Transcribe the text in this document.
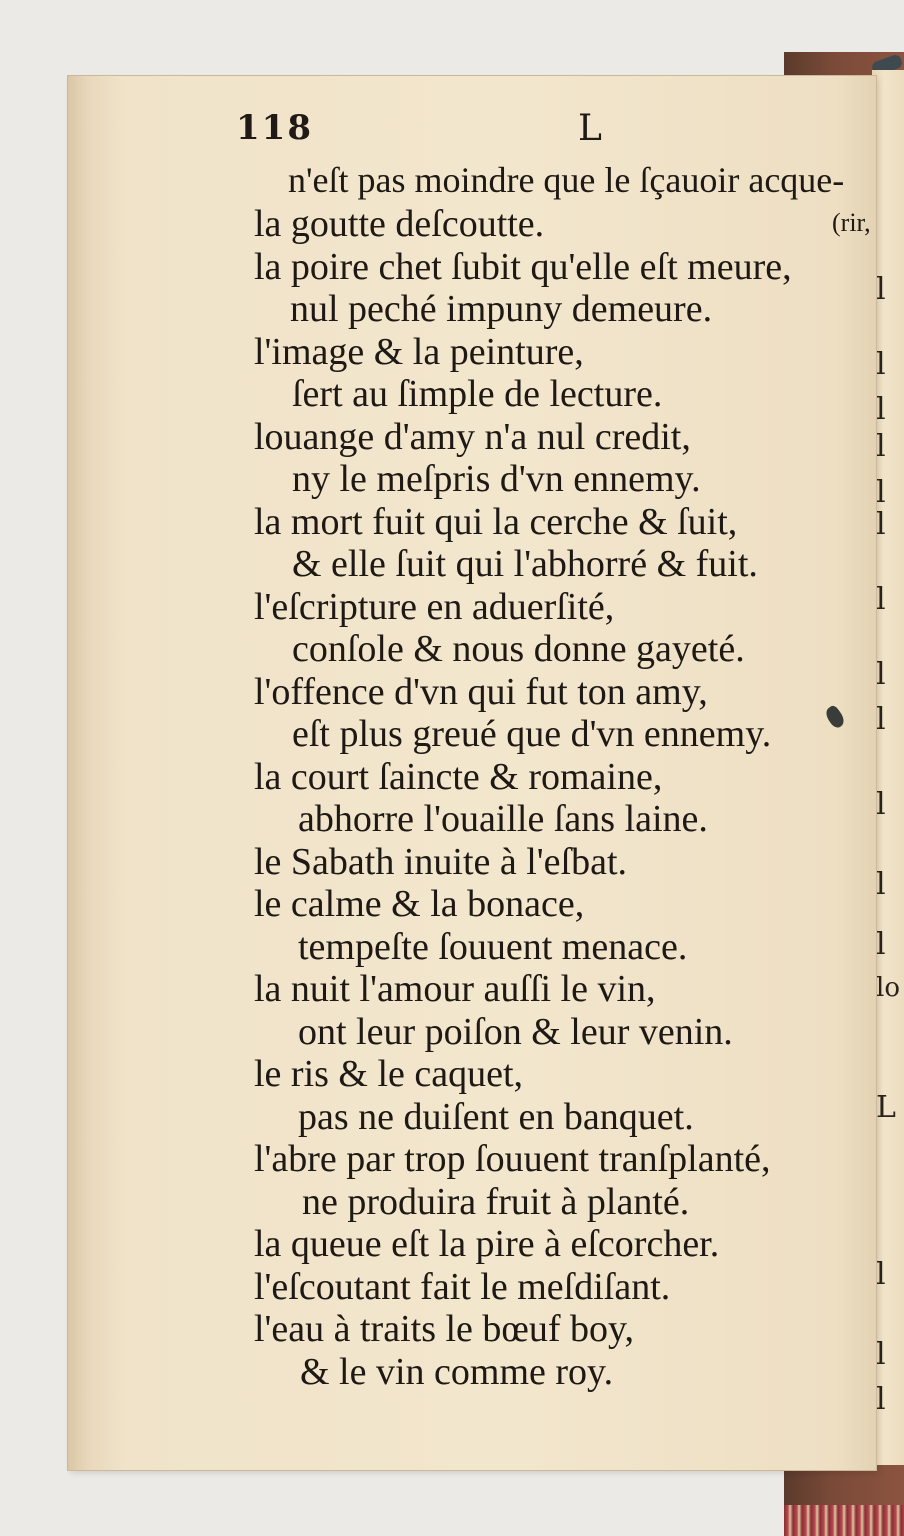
l
l
l
l
l
l
l
l
l
l
l
l
lo
L
l
l
l
118	L
n'eſt pas moindre que le ſçauoir acque-
la goutte deſcoutte.	(rir,
la poire chet ſubit qu'elle eſt meure,
nul peché impuny demeure.
l'image & la peinture,
ſert au ſimple de lecture.
louange d'amy n'a nul credit,
ny le meſpris d'vn ennemy.
la mort fuit qui la cerche & ſuit,
& elle ſuit qui l'abhorré & fuit.
l'eſcripture en aduerſité,
conſole & nous donne gayeté.
l'offence d'vn qui fut ton amy,
eſt plus greué que d'vn ennemy.
la court ſaincte & romaine,
abhorre l'ouaille ſans laine.
le Sabath inuite à l'eſbat.
le calme & la bonace,
tempeſte ſouuent menace.
la nuit l'amour auſſi le vin,
ont leur poiſon & leur venin.
le ris & le caquet,
pas ne duiſent en banquet.
l'abre par trop ſouuent tranſplanté,
ne produira fruit à planté.
la queue eſt la pire à eſcorcher.
l'eſcoutant fait le meſdiſant.
l'eau à traits le bœuf boy,
& le vin comme roy.
